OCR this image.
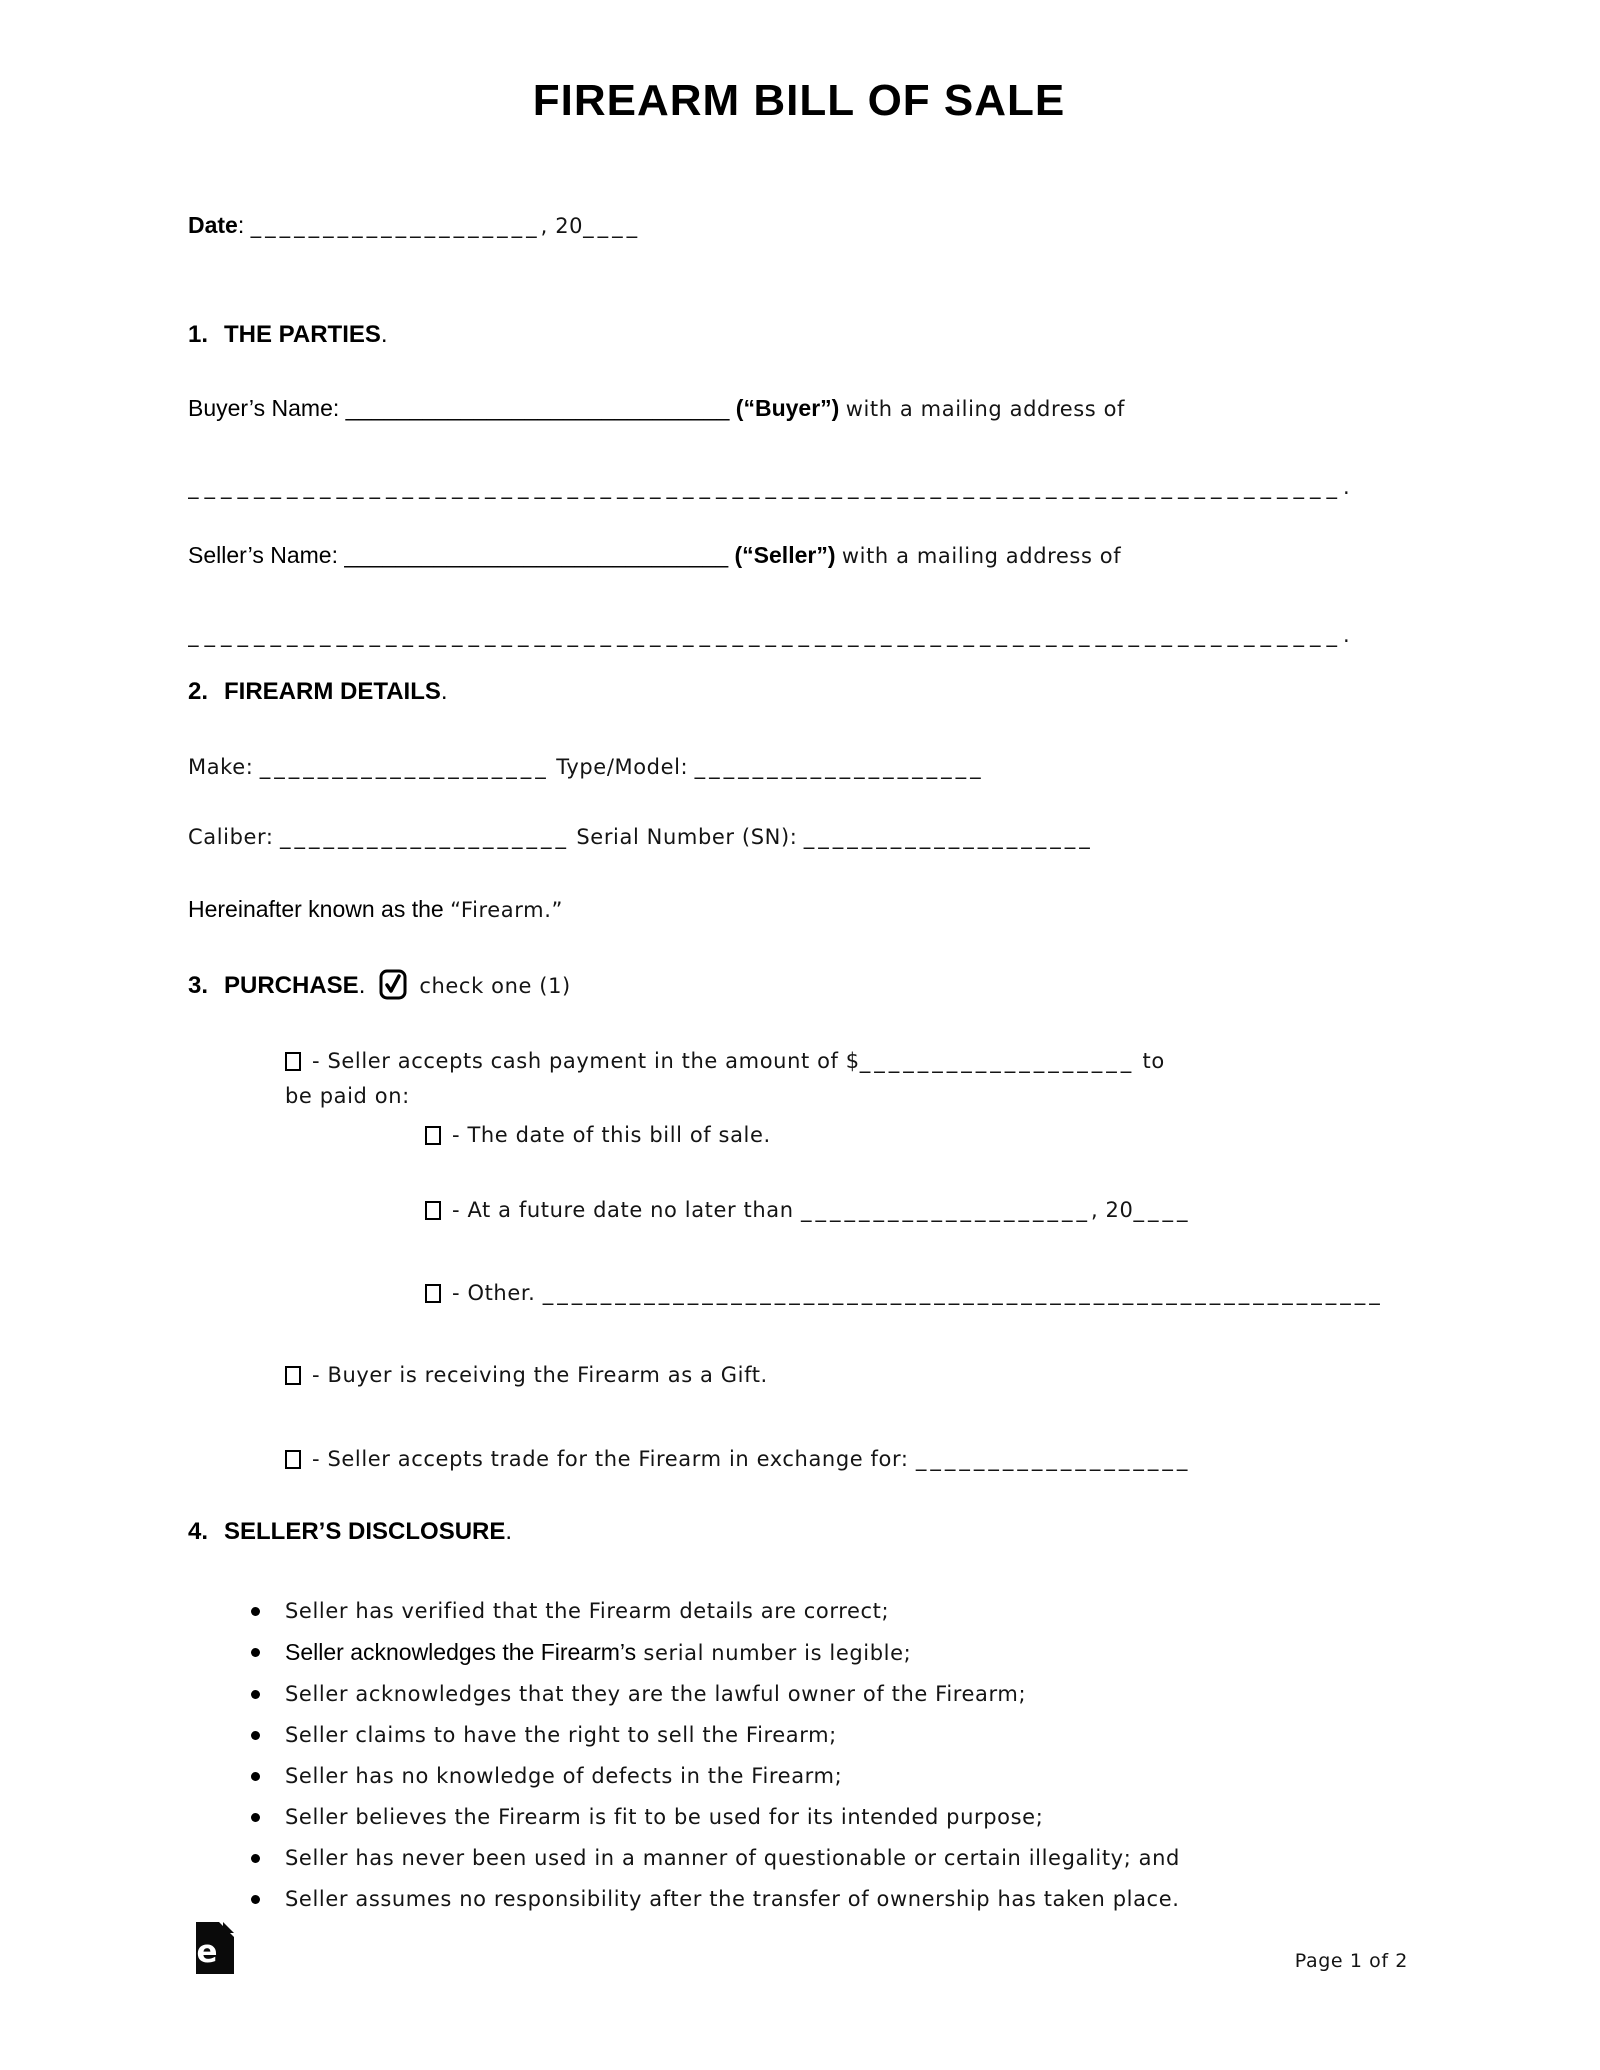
FIREARM BILL OF SALE
Date: ____________________, 20____
1. THE PARTIES.
Buyer’s Name: ______________________________ (“Buyer”) with a mailing address of
______________________________________________________________________.
Seller’s Name: ______________________________ (“Seller”) with a mailing address of
______________________________________________________________________.
2. FIREARM DETAILS.
Make: ____________________ Type/Model: ____________________
Caliber: ____________________ Serial Number (SN): ____________________
Hereinafter known as the “Firearm.”
3. PURCHASE.	check one (1)
- Seller accepts cash payment in the amount of $___________________ to
be paid on:
- The date of this bill of sale.
- At a future date no later than ____________________, 20____
- Other. __________________________________________________________
- Buyer is receiving the Firearm as a Gift.
- Seller accepts trade for the Firearm in exchange for: ___________________
4. SELLER’S DISCLOSURE.
Seller has verified that the Firearm details are correct;
Seller acknowledges the Firearm’s serial number is legible;
Seller acknowledges that they are the lawful owner of the Firearm;
Seller claims to have the right to sell the Firearm;
Seller has no knowledge of defects in the Firearm;
Seller believes the Firearm is fit to be used for its intended purpose;
Seller has never been used in a manner of questionable or certain illegality; and
Seller assumes no responsibility after the transfer of ownership has taken place.
e	Page 1 of 2
